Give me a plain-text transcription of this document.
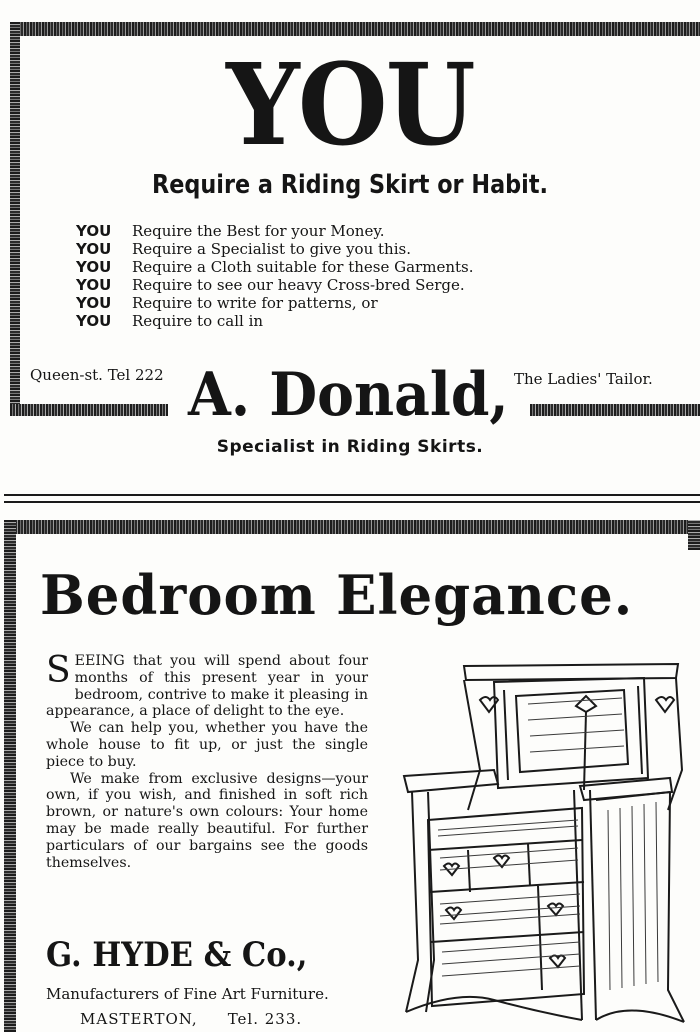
YOU
Require a Riding Skirt or Habit.
YOU Require the Best for your Money.
YOU Require a Specialist to give you this.
YOU Require a Cloth suitable for these Garments.
YOU Require to see our heavy Cross-bred Serge.
YOU Require to write for patterns, or
YOU Require to call in
Queen-st. Tel 222 A. Donald, The Ladies' Tailor.
Specialist in Riding Skirts.
Bedroom Elegance.

SEEING that you will spend about four months of this present year in your bedroom, contrive to make it pleasing in appearance, a place of delight to the eye.

We can help you, whether you have the whole house to fit up, or just the single piece to buy.

We make from exclusive designs—your own, if you wish, and finished in soft rich brown, or nature's own colours: Your home may be made really beautiful. For further particulars of our bargains see the goods themselves.

G. HYDE & Co.,
Manufacturers of Fine Art Furniture.
MASTERTON, Tel. 233.
